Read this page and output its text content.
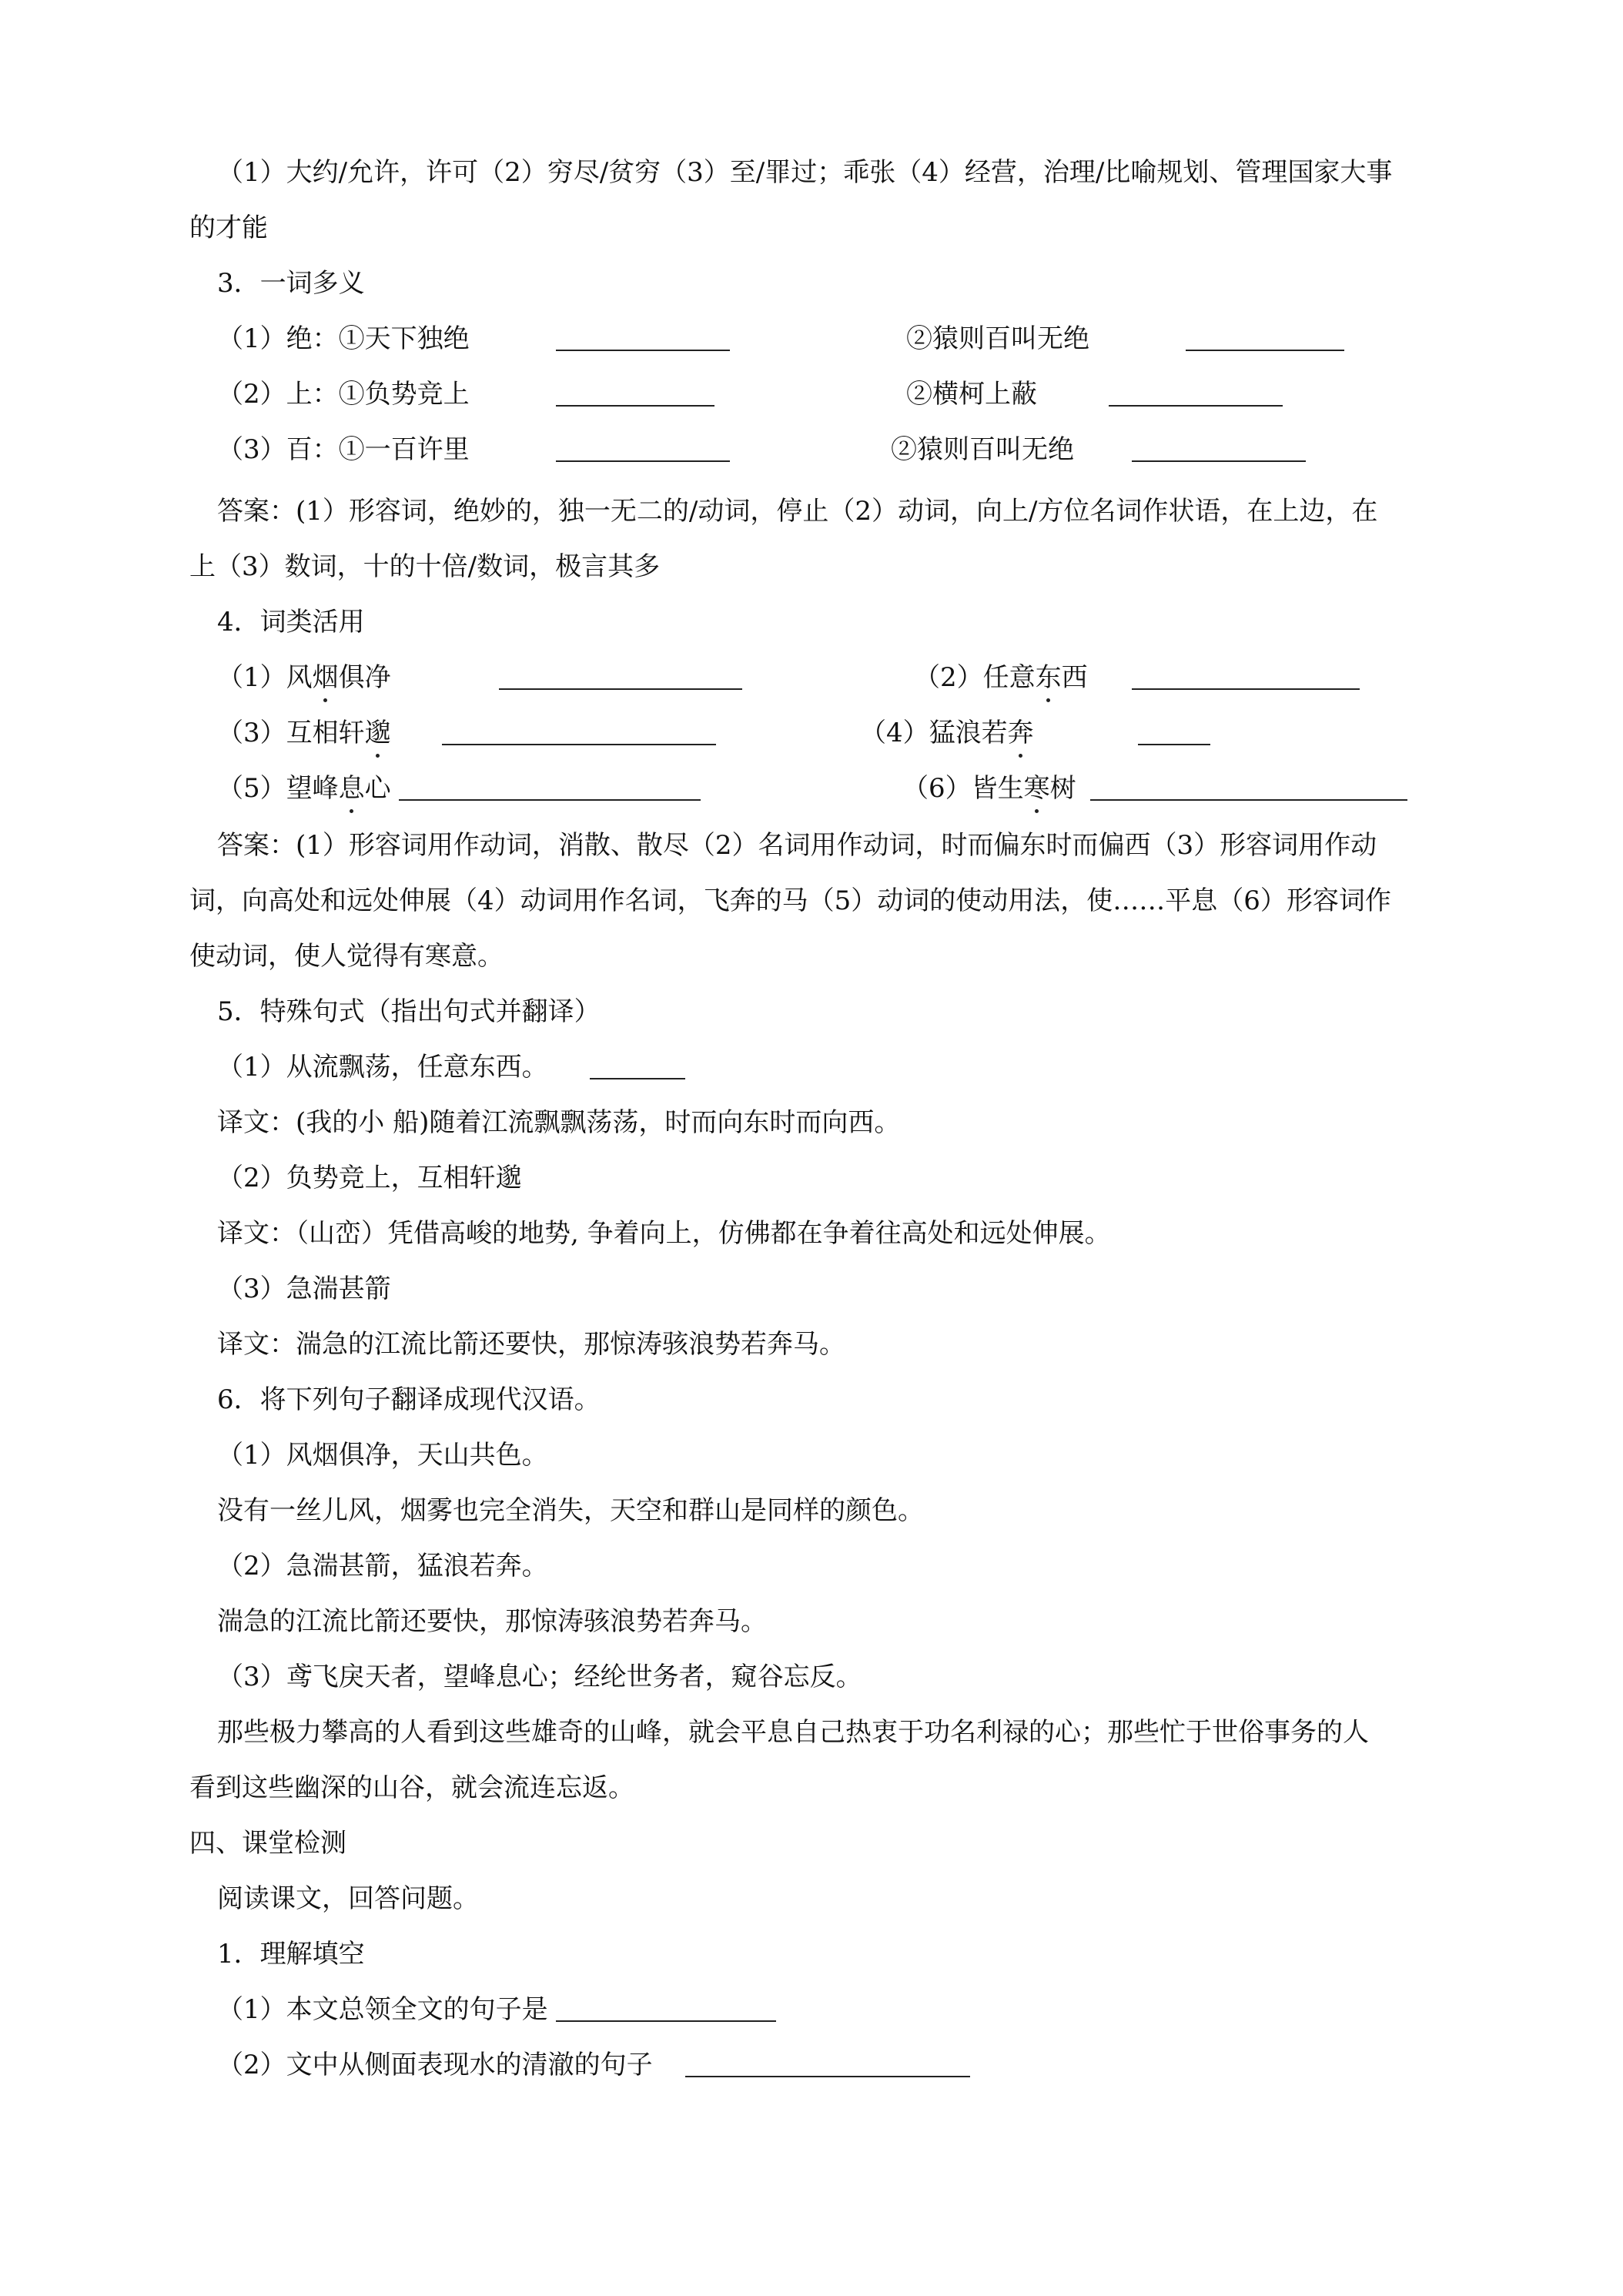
（1）大约/允许，许可（2）穷尽/贫穷（3）至/罪过；乖张（4）经营，治理/比喻规划、管理国家大事
的才能
3．一词多义
（1）绝：①天下独绝	②猿则百叫无绝
（2）上：①负势竞上	②横柯上蔽
（3）百：①一百许里	②猿则百叫无绝
答案：(1）形容词，绝妙的，独一无二的/动词，停止（2）动词，向上/方位名词作状语，在上边，在
上（3）数词，十的十倍/数词，极言其多
4．词类活用
（1）风烟俱净	（2）任意东西
（3）互相轩邈	（4）猛浪若奔
（5）望峰息心	（6）皆生寒树
答案：(1）形容词用作动词，消散、散尽（2）名词用作动词，时而偏东时而偏西（3）形容词用作动
词，向高处和远处伸展（4）动词用作名词，飞奔的马（5）动词的使动用法，使……平息（6）形容词作
使动词，使人觉得有寒意。
5．特殊句式（指出句式并翻译）
（1）从流飘荡，任意东西。
译文：(我的小 船)随着江流飘飘荡荡，时而向东时而向西。
（2）负势竞上，互相轩邈
译文：（山峦）凭借高峻的地势, 争着向上，仿佛都在争着往高处和远处伸展。
（3）急湍甚箭
译文：湍急的江流比箭还要快，那惊涛骇浪势若奔马。
6．将下列句子翻译成现代汉语。
（1）风烟俱净，天山共色。
没有一丝儿风，烟雾也完全消失，天空和群山是同样的颜色。
（2）急湍甚箭，猛浪若奔。
湍急的江流比箭还要快，那惊涛骇浪势若奔马。
（3）鸢飞戾天者，望峰息心；经纶世务者，窥谷忘反。
那些极力攀高的人看到这些雄奇的山峰，就会平息自己热衷于功名利禄的心；那些忙于世俗事务的人
看到这些幽深的山谷，就会流连忘返。
四、课堂检测
阅读课文，回答问题。
1．理解填空
（1）本文总领全文的句子是
（2）文中从侧面表现水的清澈的句子
